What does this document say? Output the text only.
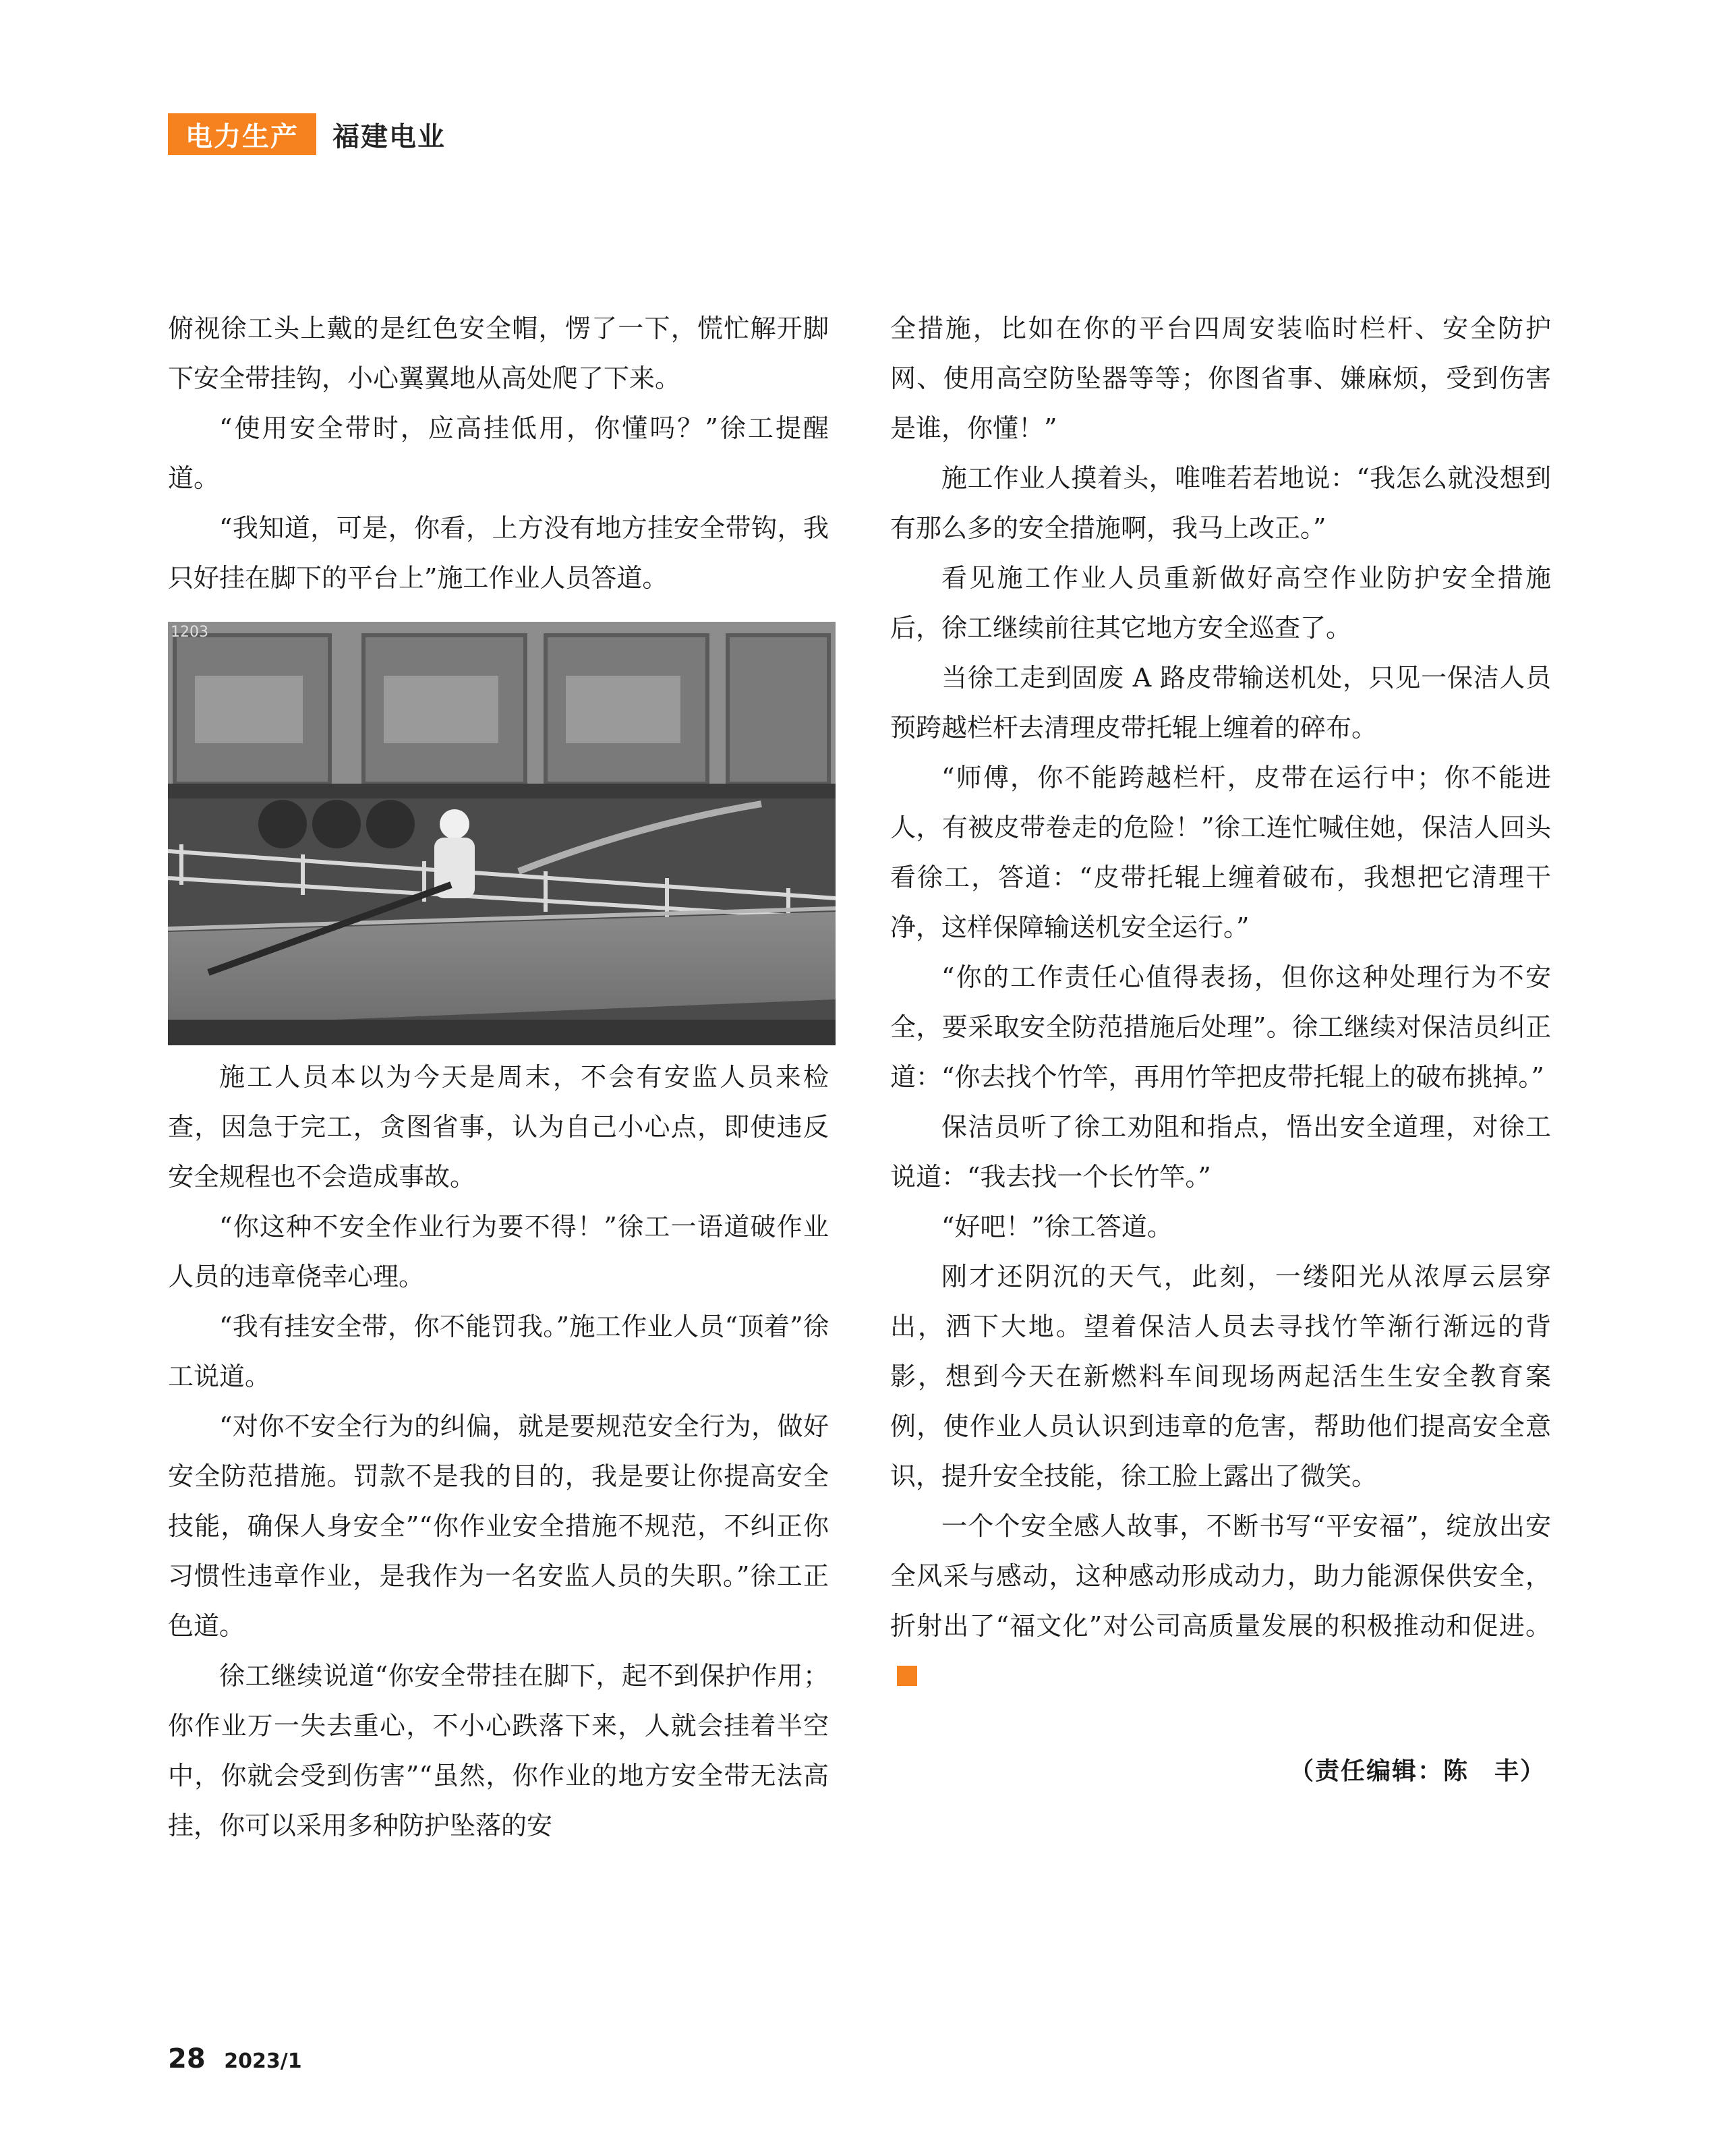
电力生产	福建电业

俯视徐工头上戴的是红色安全帽，愣了一下，慌忙解开脚下安全带挂钩，小心翼翼地从高处爬了下来。

“使用安全带时，应高挂低用，你懂吗？”徐工提醒道。

“我知道，可是，你看，上方没有地方挂安全带钩，我只好挂在脚下的平台上”施工作业人员答道。

1203

施工人员本以为今天是周末，不会有安监人员来检查，因急于完工，贪图省事，认为自己小心点，即使违反安全规程也不会造成事故。

“你这种不安全作业行为要不得！”徐工一语道破作业人员的违章侥幸心理。

“我有挂安全带，你不能罚我。”施工作业人员“顶着”徐工说道。

“对你不安全行为的纠偏，就是要规范安全行为，做好安全防范措施。罚款不是我的目的，我是要让你提高安全技能，确保人身安全”“你作业安全措施不规范，不纠正你习惯性违章作业，是我作为一名安监人员的失职。”徐工正色道。

徐工继续说道“你安全带挂在脚下，起不到保护作用；你作业万一失去重心，不小心跌落下来，人就会挂着半空中，你就会受到伤害”“虽然，你作业的地方安全带无法高挂，你可以采用多种防护坠落的安

全措施，比如在你的平台四周安装临时栏杆、安全防护网、使用高空防坠器等等；你图省事、嫌麻烦，受到伤害是谁，你懂！”

施工作业人摸着头，唯唯若若地说：“我怎么就没想到有那么多的安全措施啊，我马上改正。”

看见施工作业人员重新做好高空作业防护安全措施后，徐工继续前往其它地方安全巡查了。

当徐工走到固废 A 路皮带输送机处，只见一保洁人员预跨越栏杆去清理皮带托辊上缠着的碎布。

“师傅，你不能跨越栏杆，皮带在运行中；你不能进人，有被皮带卷走的危险！”徐工连忙喊住她，保洁人回头看徐工，答道：“皮带托辊上缠着破布，我想把它清理干净，这样保障输送机安全运行。”

“你的工作责任心值得表扬，但你这种处理行为不安全，要采取安全防范措施后处理”。徐工继续对保洁员纠正道：“你去找个竹竿，再用竹竿把皮带托辊上的破布挑掉。”

保洁员听了徐工劝阻和指点，悟出安全道理，对徐工说道：“我去找一个长竹竿。”

“好吧！”徐工答道。

刚才还阴沉的天气，此刻，一缕阳光从浓厚云层穿出，洒下大地。望着保洁人员去寻找竹竿渐行渐远的背影，想到今天在新燃料车间现场两起活生生安全教育案例，使作业人员认识到违章的危害，帮助他们提高安全意识，提升安全技能，徐工脸上露出了微笑。

一个个安全感人故事，不断书写“平安福”，绽放出安全风采与感动，这种感动形成动力，助力能源保供安全，折射出了“福文化”对公司高质量发展的积极推动和促进。

（责任编辑：陈　丰）
28 2023/1
